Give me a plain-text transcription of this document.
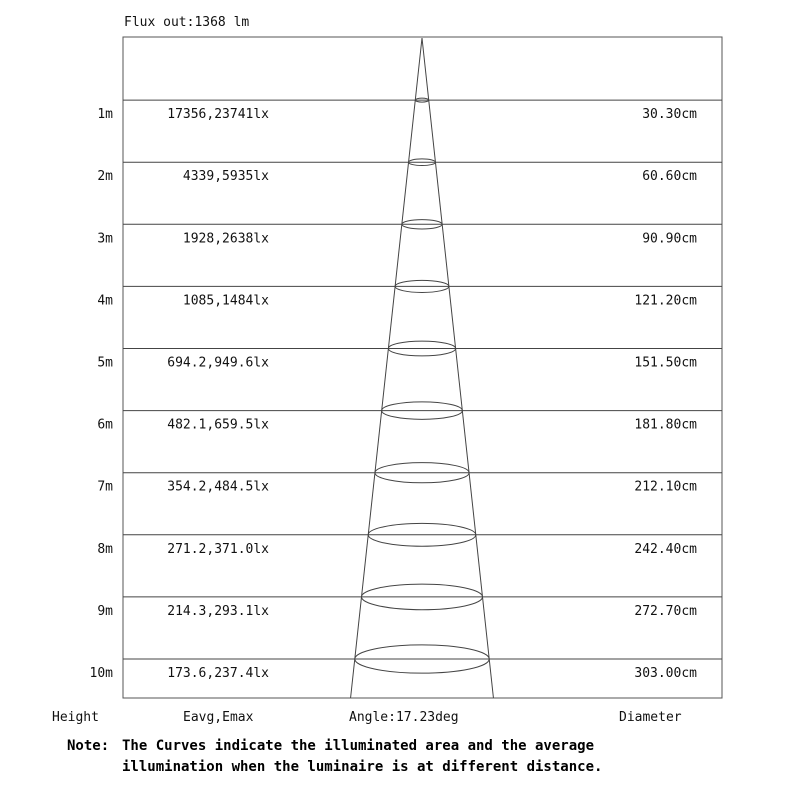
Flux out:1368 lm
1m	17356,23741lx	30.30cm
2m	4339,5935lx	60.60cm
3m	1928,2638lx	90.90cm
4m	1085,1484lx	121.20cm
5m	694.2,949.6lx	151.50cm
6m	482.1,659.5lx	181.80cm
7m	354.2,484.5lx	212.10cm
8m	271.2,371.0lx	242.40cm
9m	214.3,293.1lx	272.70cm
10m	173.6,237.4lx	303.00cm
Height	Eavg,Emax	Angle:17.23deg	Diameter
Note: The Curves indicate the illuminated area and the average
illumination when the luminaire is at different distance.
